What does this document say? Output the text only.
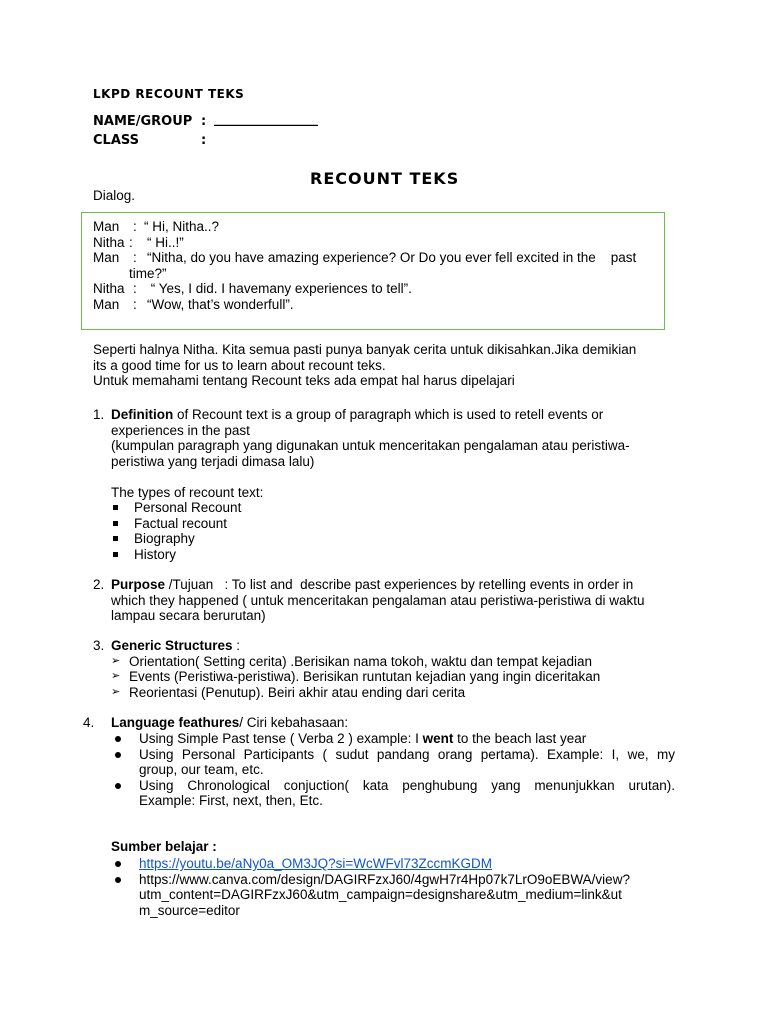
LKPD RECOUNT TEKS
NAME/GROUP : ________________
CLASS	:
RECOUNT TEKS
Dialog.
Man : “ Hi, Nitha..?
Nitha : “ Hi..!”
Man : “Nitha, do you have amazing experience? Or Do you ever fell excited in the    past
time?”
Nitha : “ Yes, I did. I havemany experiences to tell”.
Man : “Wow, that’s wonderfull”.
Seperti halnya Nitha. Kita semua pasti punya banyak cerita untuk dikisahkan.Jika demikian
its a good time for us to learn about recount teks.
Untuk memahami tentang Recount teks ada empat hal harus dipelajari
1. Definition of Recount text is a group of paragraph which is used to retell events or
experiences in the past
(kumpulan paragraph yang digunakan untuk menceritakan pengalaman atau peristiwa-
peristiwa yang terjadi dimasa lalu)
The types of recount text:
Personal Recount
Factual recount
Biography
History
2. Purpose /Tujuan   : To list and  describe past experiences by retelling events in order in
which they happened ( untuk menceritakan pengalaman atau peristiwa-peristiwa di waktu
lampau secara berurutan)
3. Generic Structures :
➢ Orientation( Setting cerita) .Berisikan nama tokoh, waktu dan tempat kejadian
➢ Events (Peristiwa-peristiwa). Berisikan runtutan kejadian yang ingin diceritakan
➢ Reorientasi (Penutup). Beiri akhir atau ending dari cerita
4. Language feathures/ Ciri kebahasaan:
Using Simple Past tense ( Verba 2 ) example: I went to the beach last year
Using Personal Participants ( sudut pandang orang pertama). Example: I, we, my
group, our team, etc.
Using Chronological conjuction( kata penghubung yang menunjukkan urutan).
Example: First, next, then, Etc.
Sumber belajar :
https://youtu.be/aNy0a_OM3JQ?si=WcWFvl73ZccmKGDM
https://www.canva.com/design/DAGIRFzxJ60/4gwH7r4Hp07k7LrO9oEBWA/view?
utm_content=DAGIRFzxJ60&utm_campaign=designshare&utm_medium=link&ut
m_source=editor
